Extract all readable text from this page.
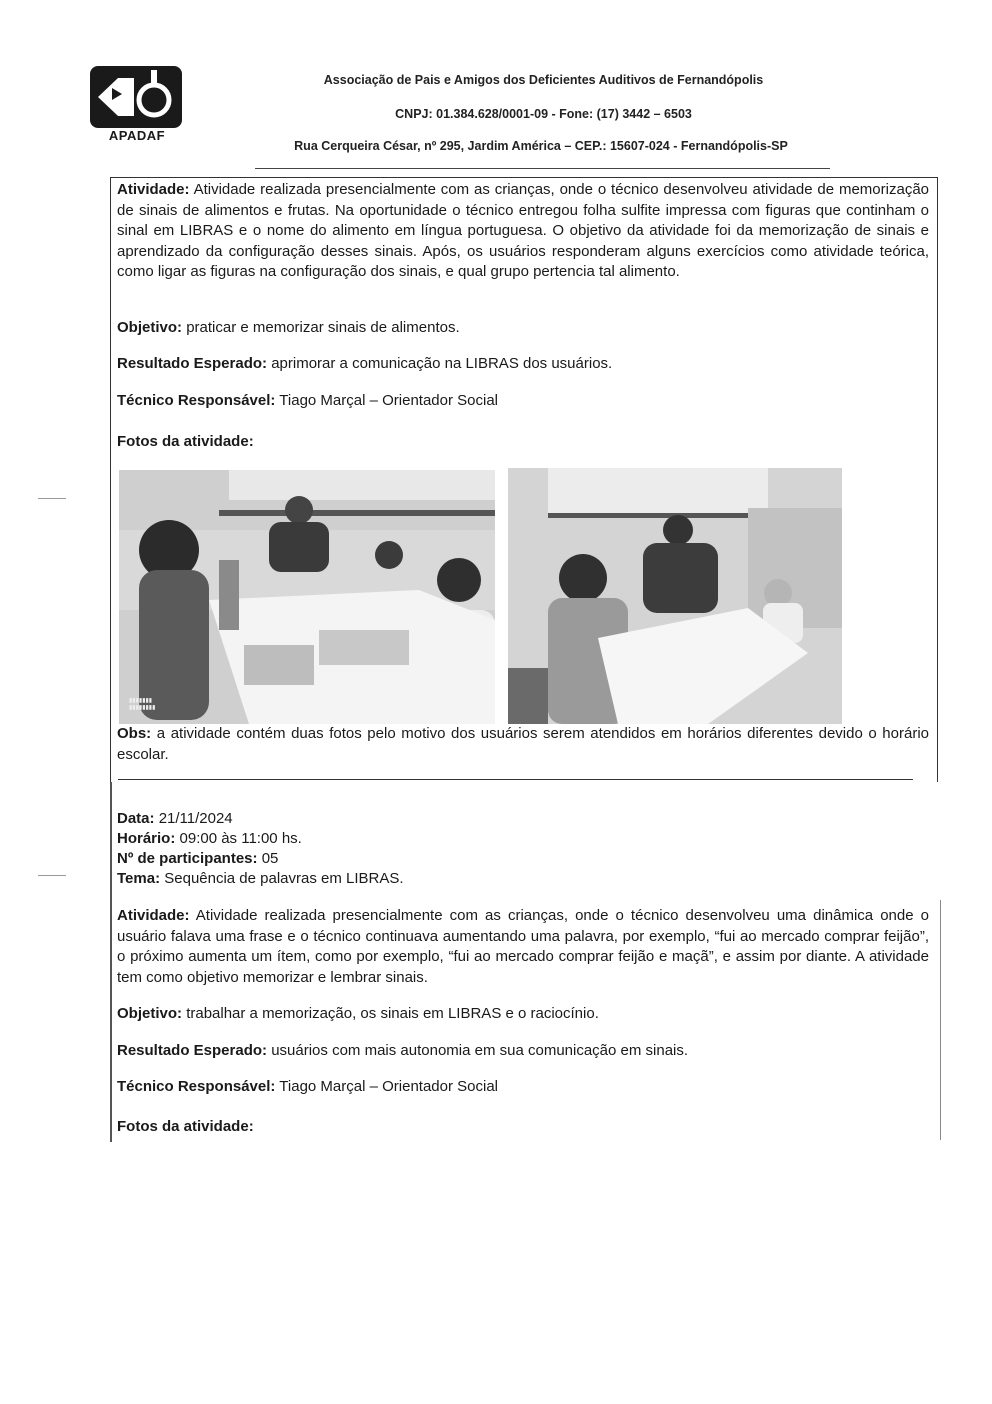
APADAF
Associação de Pais e Amigos dos Deficientes Auditivos de Fernandópolis
CNPJ: 01.384.628/0001-09 - Fone: (17) 3442 – 6503
Rua Cerqueira César, nº 295, Jardim América – CEP.: 15607-024 - Fernandópolis-SP

Atividade: Atividade realizada presencialmente com as crianças, onde o técnico desenvolveu atividade de memorização de sinais de alimentos e frutas. Na oportunidade o técnico entregou folha sulfite impressa com figuras que continham o sinal em LIBRAS e o nome do alimento em língua portuguesa. O objetivo da atividade foi da memorização de sinais e aprendizado da configuração desses sinais. Após, os usuários responderam alguns exercícios como atividade teórica, como ligar as figuras na configuração dos sinais, e qual grupo pertencia tal alimento.

Objetivo: praticar e memorizar sinais de alimentos.

Resultado Esperado: aprimorar a comunicação na LIBRAS dos usuários.

Técnico Responsável: Tiago Marçal – Orientador Social

Fotos da atividade:

▮▮▮▮▮▮▮
▮▮▮▮▮▮▮▮

Obs: a atividade contém duas fotos pelo motivo dos usuários serem atendidos em horários diferentes devido o horário escolar.

Data: 21/11/2024

Horário: 09:00 às 11:00 hs.

Nº de participantes: 05

Tema: Sequência de palavras em LIBRAS.

Atividade: Atividade realizada presencialmente com as crianças, onde o técnico desenvolveu uma dinâmica onde o usuário falava uma frase e o técnico continuava aumentando uma palavra, por exemplo, “fui ao mercado comprar feijão”, o próximo aumenta um ítem, como por exemplo, “fui ao mercado comprar feijão e maçã”, e assim por diante. A atividade tem como objetivo memorizar e lembrar sinais.

Objetivo: trabalhar a memorização, os sinais em LIBRAS e o raciocínio.

Resultado Esperado: usuários com mais autonomia em sua comunicação em sinais.

Técnico Responsável: Tiago Marçal – Orientador Social

Fotos da atividade:
